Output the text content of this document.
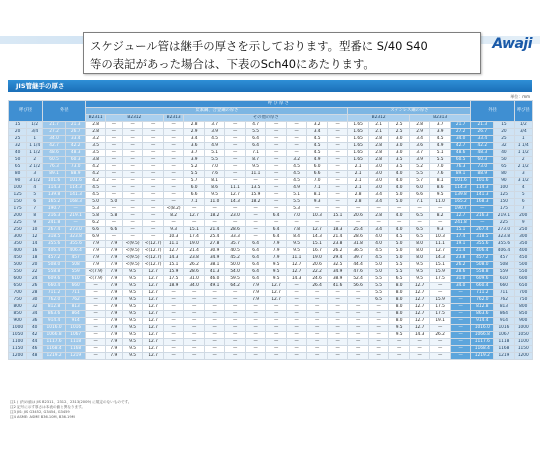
Awaji

スケジュール管は継手の厚さを示しております。型番に S/40 S40

等の表記があった場合は、下表のSch40にあたります。

JIS管継手の厚さ
単位：mm
呼び径		外径		呼 び 厚 さ																			外径		呼び径
				炭素鋼、合金鋼の厚さ													ステンレス鋼の厚さ								
				B2311	B2312			B2313	その他の厚さ								B2312			B2313					
15	1/2	21.7	21.3	2.8	—	—	—	—	2.8	3.7	—	4.7	—	—	3.2	—	1.65	2.1	2.5	2.8	3.7	21.7	21.3	15	1/2
20	3/4	27.2	26.7	2.8	—	—	—	—	2.9	3.9	—	5.5	—	—	3.4	—	1.65	2.1	2.5	2.9	3.9	27.2	26.7	20	3/4
25	1	34.0	33.4	3.2	—	—	—	—	3.4	4.5	—	6.4	—	—	4.5	—	1.65	2.8	3.0	3.4	4.5	34.0	33.4	25	1
32	1 1/4	42.7	42.2	3.5	—	—	—	—	3.6	4.9	—	6.4	—	—	4.5	—	1.65	2.8	3.0	3.6	4.9	42.7	42.2	32	1 1/4
40	1 1/2	48.6	48.3	3.5	—	—	—	—	3.7	5.1	—	7.1	—	—	4.5	—	1.65	2.8	3.0	3.7	5.1	48.6	48.3	40	1 1/2
50	2	60.5	60.3	3.8	—	—	—	—	3.9	5.5	—	8.7	—	3.2	4.9	—	1.65	2.8	3.5	3.9	5.5	60.5	60.3	50	2
65	2 1/2	76.3	73.0	4.2	—	—	—	—	5.2	7.0	—	9.5	—	4.5	6.0	—	2.1	3.0	3.5	5.2	7.0	76.3	73.0	65	2 1/2
80	3	89.1	88.9	4.2	—	—	—	—	5.5	7.6	—	11.1	—	4.5	6.6	—	2.1	3.0	4.0	5.5	7.6	89.1	88.9	80	3
90	3 1/2	101.6	101.6	4.2	—	—	—	—	5.7	8.1	—	—	—	4.5	7.0	—	2.1	3.0	4.0	5.7	8.1	101.6	101.6	90	3 1/2
100	4	114.3	114.3	4.5	—	—	—	—	6.0	8.6	11.1	13.5	—	4.9	7.1	—	2.1	3.0	4.0	6.0	8.6	114.3	114.3	100	4
125	5	139.8	141.3	4.5	—	—	—	—	6.6	9.5	12.7	15.9	—	5.1	8.1	—	2.8	3.4	5.0	6.6	9.5	139.8	141.3	125	5
150	6	165.2	168.3	5.0	5.0	—	—	—	7.1	11.0	14.3	18.2	—	5.5	9.3	—	2.8	3.4	5.0	7.1	11.0	165.2	168.3	150	6
175	7	190.7	—	5.3	—	—	—	<(8.2)	—	—	—	—	—	5.3	—	—	—	—	—	—	—	190.7	—	175	7
200	8	216.3	219.1	5.8	5.8	—	—	8.2	12.7	18.2	23.0	—	6.4	7.0	10.3	15.1	20.6	2.8	4.0	6.5	8.2	12.7	216.3	219.1	200
225	9	241.8	—	6.2	—	—	—	—	—	—	—	—	—	—	—	—	—	—	—	—	—	241.8	—	225	9
250	10	267.4	273.0	6.6	6.6	—	—	9.3	15.1	21.4	28.6	—	6.4	7.8	12.7	18.3	25.4	3.4	4.0	6.5	9.3	15.1	267.4	273.0	250
300	12	318.5	323.8	6.9	—	—	—	10.3	17.4	25.4	33.3	—	6.4	8.4	14.3	21.4	28.6	4.0	4.5	6.5	10.3	17.4	318.5	323.8	300
350	14	355.6	355.6	7.9	7.9	<(9.5)	<(12.7)	11.1	19.0	27.8	35.7	6.4	7.9	9.5	15.1	23.8	31.8	4.0	5.0	8.0	11.1	19.1	355.6	355.6	350
400	16	406.4	406.4	7.9	7.9	<(9.5)	<(12.7)	12.7	21.4	30.9	40.5	6.4	7.9	9.5	16.7	26.2	36.5	4.5	5.0	8.0	12.7	21.4	406.4	406.4	400
450	18	457.2	457	7.9	7.9	<(9.5)	<(12.7)	14.3	23.8	34.9	45.2	6.4	7.9	11.1	19.0	29.4	39.7	4.5	5.0	8.0	14.3	23.8	457.2	457	450
500	20	508.0	508	7.9	7.9	<(9.5)	<(12.7)	15.1	26.2	38.1	50.0	6.4	9.5	12.7	20.6	32.5	44.4	5.0	5.5	9.5	15.1	26.2	508.0	508	500
550	22	558.8	559	<(7.9)	7.9	9.5	12.7	15.9	28.6	41.3	54.0	6.4	9.5	12.7	22.2	34.9	47.6	5.0	5.5	9.5	15.9	28.6	558.8	559	550
600	24	609.6	610	<(7.9)	7.9	9.5	12.7	17.5	31.0	46.0	59.5	6.4	9.5	14.3	24.6	38.9	52.4	5.5	6.5	9.5	17.5	31.0	609.6	610	600
650	26	660.4	660	—	7.9	9.5	12.7	18.9	34.0	49.1	64.2	7.9	12.7	—	26.4	41.6	56.6	5.5	8.0	12.7	—	34.0	660.4	660	650
700	28	711.2	711	—	7.9	9.5	12.7	—	—	—	—	7.9	12.7	—	—	—	—	5.5	8.0	12.7	—	—	711.2	711	700
750	30	762.0	762	—	7.9	9.5	12.7	—	—	—	—	7.9	12.7	—	—	—	—	6.5	8.0	12.7	15.9	—	762.0	762	750
800	32	812.8	813	—	7.9	9.5	12.7	—	—	—	—	—	—	—	—	—	—	—	8.0	12.7	17.5	—	812.8	813	800
850	34	863.6	864	—	7.9	9.5	12.7	—	—	—	—	—	—	—	—	—	—	—	8.0	12.7	17.5	—	863.6	864	850
900	36	914.4	914	—	7.9	9.5	12.7	—	—	—	—	—	—	—	—	—	—	—	8.0	12.7	19.1	—	914.4	914	900
1000	40	1016.0	1016	—	7.9	9.5	12.7	—	—	—	—	—	—	—	—	—	—	—	9.5	12.7	—	—	1016.0	1016	1000
1050	42	1066.8	1067	—	7.9	9.5	12.7	—	—	—	—	—	—	—	—	—	—	—	9.5	14.3	26.2	—	1066.8	1067	1050
1100	44	1117.6	1118	—	7.9	9.5	12.7	—	—	—	—	—	—	—	—	—	—	—	—	—	—	—	1117.6	1118	1100
1150	46	1168.4	1168	—	7.9	9.5	12.7	—	—	—	—	—	—	—	—	—	—	—	—	—	—	—	1168.4	1168	1150
1200	48	1219.2	1219	—	7.9	9.5	12.7	—	—	—	—	—	—	—	—	—	—	—	—	—	—	—	1219.2	1219	1200
注1 ( )内の値は JIS B2311、2312、2313(2009) に規定のないものです。
注2 記号に示す厚さは本表の値と異なります。
注3 JIS: JIS G3452, G3454, G3459
注4 ASME: ASME B36.10M, B36.19M
